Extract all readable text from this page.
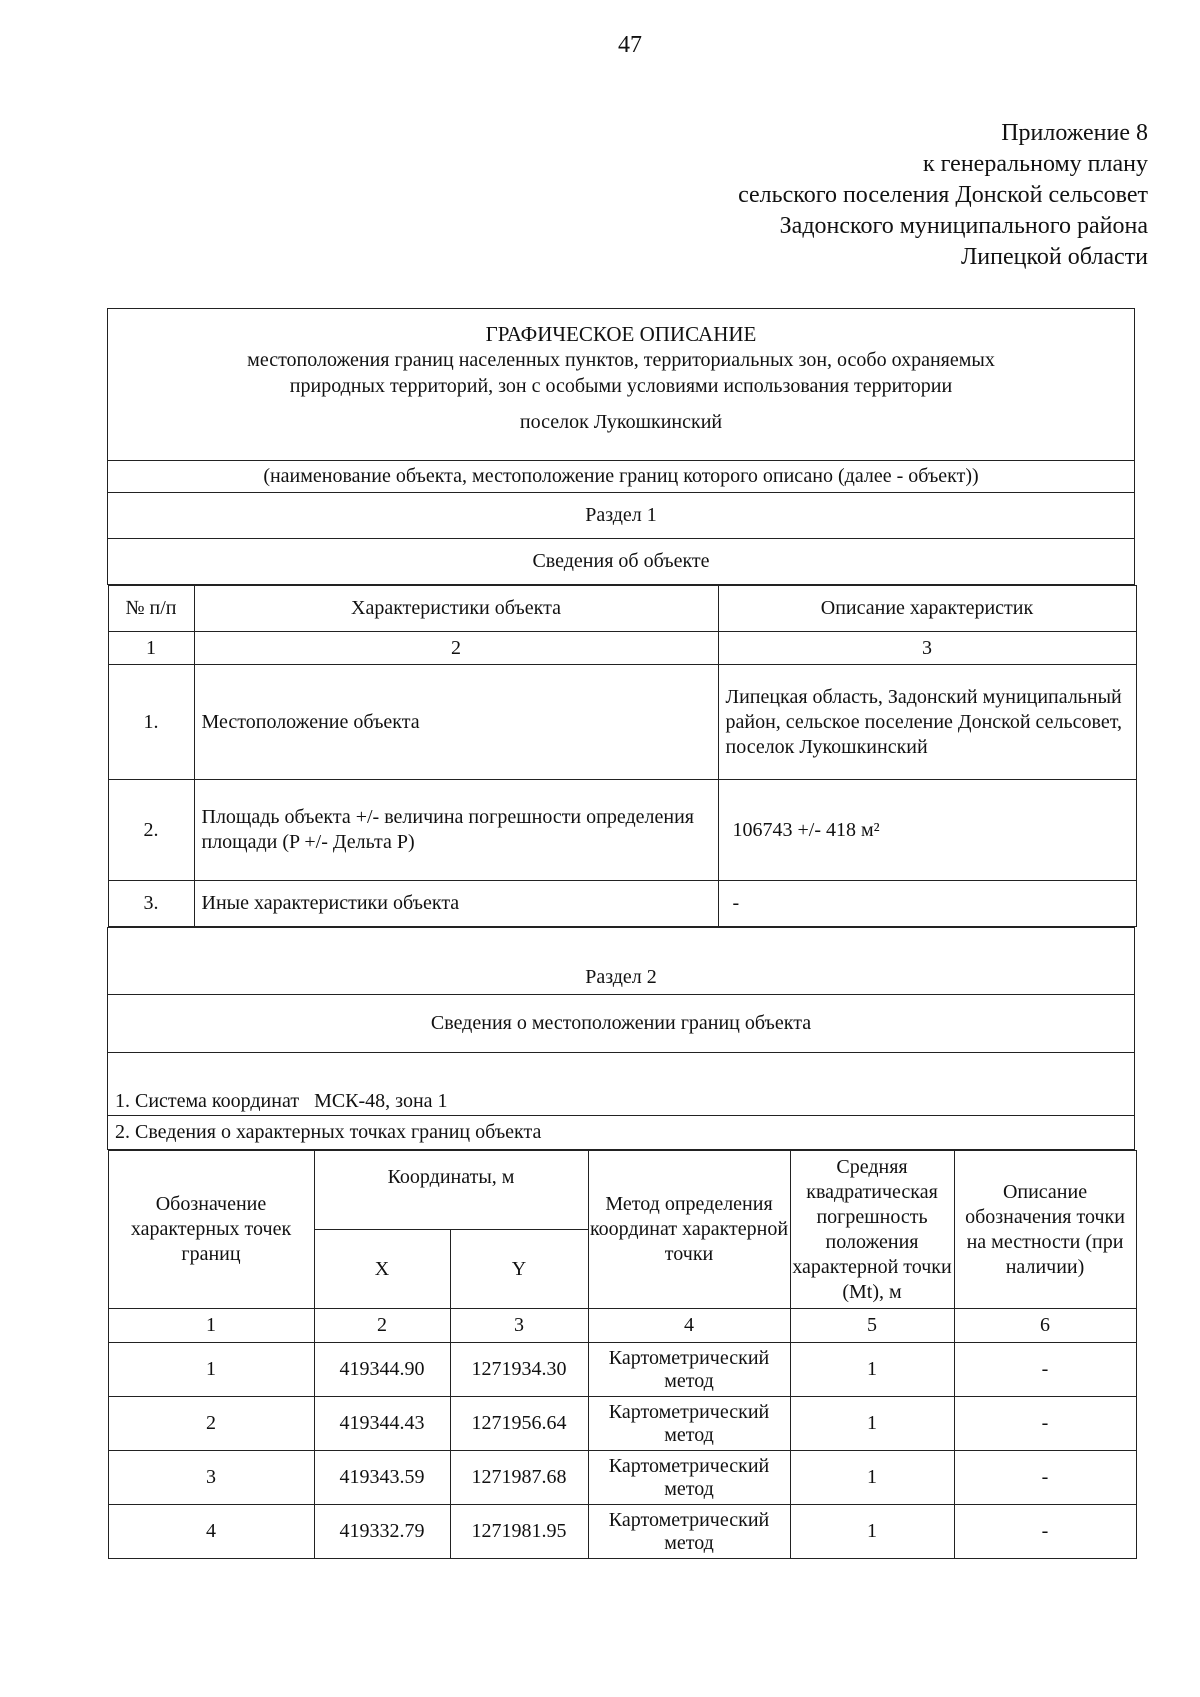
47
Приложение 8
к генеральному плану
сельского поселения Донской сельсовет
Задонского муниципального района
Липецкой области
ГРАФИЧЕСКОЕ ОПИСАНИЕ
местоположения границ населенных пунктов, территориальных зон, особо охраняемых
природных территорий, зон с особыми условиями использования территории
поселок Лукошкинский

(наименование объекта, местоположение границ которого описано (далее - объект))
Раздел 1
Сведения об объекте

№ п/п	Характеристики объекта	Описание характеристик
1	2	3
1.	Местоположение объекта	Липецкая область, Задонский муниципальный район, сельское поселение Донской сельсовет, поселок Лукошкинский
2.	Площадь объекта +/- величина погрешности определения площади (P +/- Дельта P)	106743 +/- 418 м²
3.	Иные характеристики объекта	-

Раздел 2
Сведения о местоположении границ объекта
1. Система координат МСК-48, зона 1
2. Сведения о характерных точках границ объекта

Обозначение характерных точек границ	Координаты, м	Метод определения координат характерной точки	Средняя квадратическая погрешность положения характерной точки (Mt), м	Описание обозначения точки на местности (при наличии)
X	Y
1	2	3	4	5	6
1	419344.90	1271934.30	Картометрический метод	1	-
2	419344.43	1271956.64	Картометрический метод	1	-
3	419343.59	1271987.68	Картометрический метод	1	-
4	419332.79	1271981.95	Картометрический метод	1	-
